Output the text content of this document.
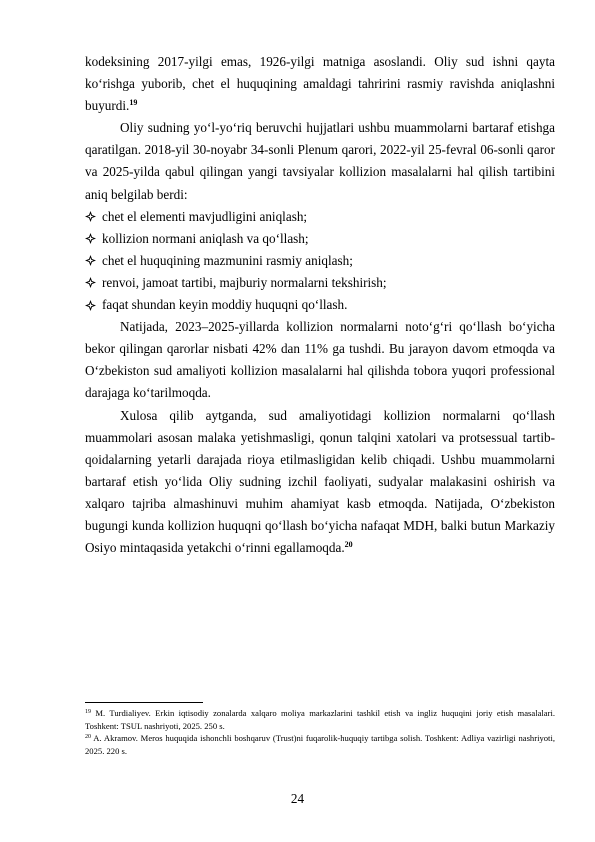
kodeksining 2017-yilgi emas, 1926-yilgi matniga asoslandi. Oliy sud ishni qayta ko‘rishga yuborib, chet el huquqining amaldagi tahririni rasmiy ravishda aniqlashni buyurdi.$^{19}$

Oliy sudning yo‘l-yo‘riq beruvchi hujjatlari ushbu muammolarni bartaraf etishga qaratilgan. 2018-yil 30-noyabr 34-sonli Plenum qarori, 2022-yil 25-fevral 06-sonli qaror va 2025-yilda qabul qilingan yangi tavsiyalar kollizion masalalarni hal qilish tartibini aniq belgilab berdi:

chet el elementi mavjudligini aniqlash;
kollizion normani aniqlash va qo‘llash;
chet el huquqining mazmunini rasmiy aniqlash;
renvoi, jamoat tartibi, majburiy normalarni tekshirish;
faqat shundan keyin moddiy huquqni qo‘llash.

Natijada, 2023–2025-yillarda kollizion normalarni noto‘g‘ri qo‘llash bo‘yicha bekor qilingan qarorlar nisbati 42% dan 11% ga tushdi. Bu jarayon davom etmoqda va O‘zbekiston sud amaliyoti kollizion masalalarni hal qilishda tobora yuqori professional darajaga ko‘tarilmoqda.

Xulosa qilib aytganda, sud amaliyotidagi kollizion normalarni qo‘llash muammolari asosan malaka yetishmasligi, qonun talqini xatolari va protsessual tartib-qoidalarning yetarli darajada rioya etilmasligidan kelib chiqadi. Ushbu muammolarni bartaraf etish yo‘lida Oliy sudning izchil faoliyati, sudyalar malakasini oshirish va xalqaro tajriba almashinuvi muhim ahamiyat kasb etmoqda. Natijada, O‘zbekiston bugungi kunda kollizion huquqni qo‘llash bo‘yicha nafaqat MDH, balki butun Markaziy Osiyo mintaqasida yetakchi o‘rinni egallamoqda.$^{20}$

$^{19}$ M. Turdialiyev. Erkin iqtisodiy zonalarda xalqaro moliya markazlarini tashkil etish va ingliz huquqini joriy etish masalalari. Toshkent: TSUL nashriyoti, 2025. 250 s.

$^{20}$ A. Akramov. Meros huquqida ishonchli boshqaruv (Trust)ni fuqarolik-huquqiy tartibga solish. Toshkent: Adliya vazirligi nashriyoti, 2025. 220 s.

24
